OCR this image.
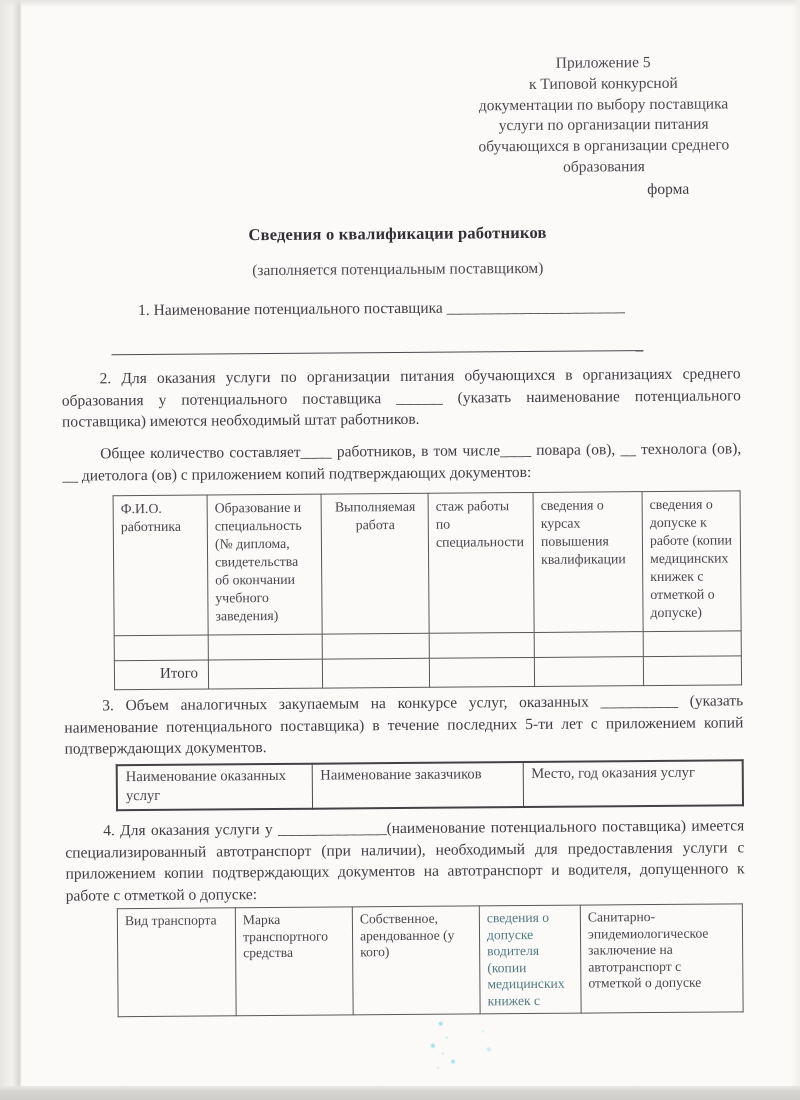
Приложение 5
к Типовой конкурсной
документации по выбору поставщика
услуги по организации питания
обучающихся в организации среднего
образования
форма
Сведения о квалификации работников
(заполняется потенциальным поставщиком)
1. Наименование потенциального поставщика _______________________

2. Для оказания услуги по организации питания обучающихся в организациях среднего образования у потенциального поставщика ______ (указать наименование потенциального поставщика) имеются необходимый штат работников.

Общее количество составляет____ работников, в том числе____ повара (ов), __ технолога (ов), __ диетолога (ов) с приложением копий подтверждающих документов:

Ф.И.О. работника	Образование и специальность (№ диплома, свидетельства об окончании учебного заведения)	Выполняемая работа	стаж работы по специальности	сведения о курсах повышения квалификации	сведения о допуске к работе (копии медицинских книжек с отметкой о допуске)

Итого					

3. Объем аналогичных закупаемым на конкурсе услуг, оказанных __________ (указать наименование потенциального поставщика) в течение последних 5-ти лет с приложением копий подтверждающих документов.

Наименование оказанных услуг	Наименование заказчиков	Место, год оказания услуг

4. Для оказания услуги у ______________(наименование потенциального поставщика) имеется специализированный автотранспорт (при наличии), необходимый для предоставления услуги с приложением копии подтверждающих документов на автотранспорт и водителя, допущенного к работе с отметкой о допуске:

Вид транспорта	Марка транспортного средства	Собственное, арендованное (у кого)	сведения о допуске водителя (копии медицинских книжек с	Санитарно-эпидемиологическое заключение на автотранспорт с отметкой о допуске
